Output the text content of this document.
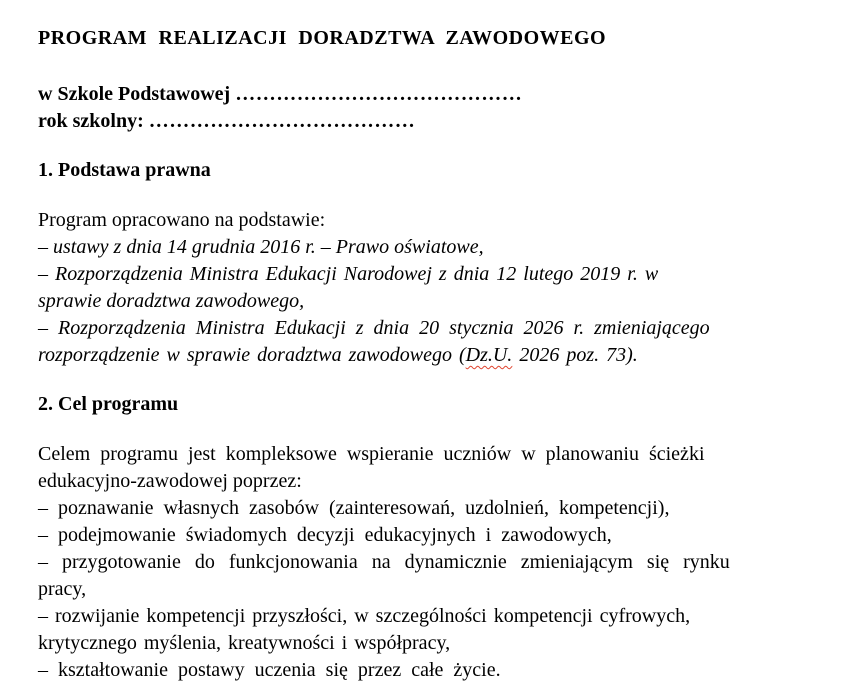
PROGRAM REALIZACJI DORADZTWA ZAWODOWEGO
w Szkole Podstawowej ……………………………………
rok szkolny: …………………………………
1. Podstawa prawna
Program opracowano na podstawie:
– ustawy z dnia 14 grudnia 2016 r. – Prawo oświatowe,
– Rozporządzenia Ministra Edukacji Narodowej z dnia 12 lutego 2019 r. w
sprawie doradztwa zawodowego,
– Rozporządzenia Ministra Edukacji z dnia 20 stycznia 2026 r. zmieniającego
rozporządzenie w sprawie doradztwa zawodowego (Dz.U. 2026 poz. 73).
2. Cel programu
Celem programu jest kompleksowe wspieranie uczniów w planowaniu ścieżki
edukacyjno-zawodowej poprzez:
– poznawanie własnych zasobów (zainteresowań, uzdolnień, kompetencji),
– podejmowanie świadomych decyzji edukacyjnych i zawodowych,
– przygotowanie do funkcjonowania na dynamicznie zmieniającym się rynku
pracy,
– rozwijanie kompetencji przyszłości, w szczególności kompetencji cyfrowych,
krytycznego myślenia, kreatywności i współpracy,
– kształtowanie postawy uczenia się przez całe życie.
